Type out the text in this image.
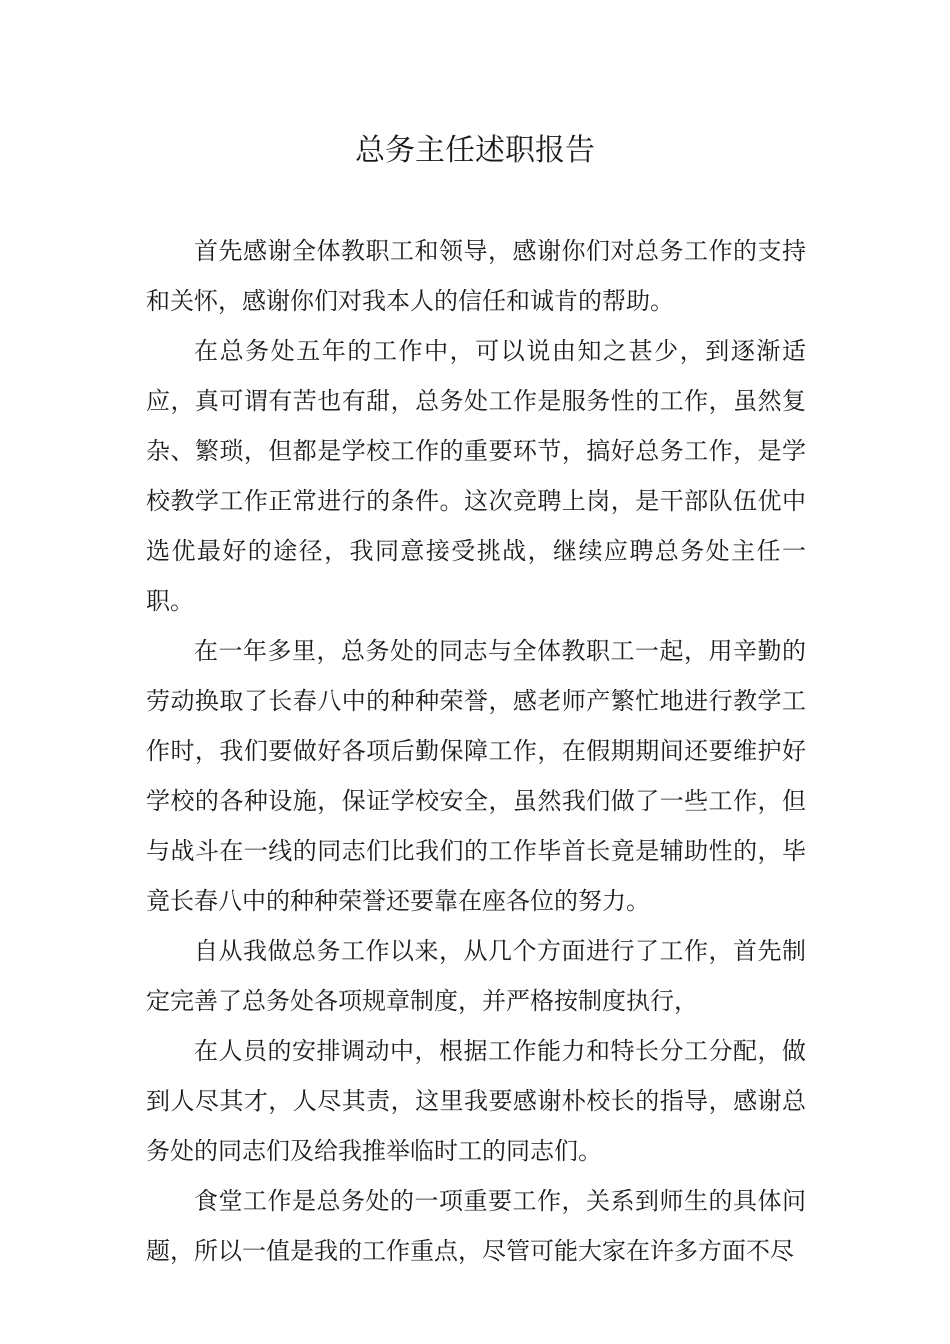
总务主任述职报告

首先感谢全体教职工和领导，感谢你们对总务工作的支持和关怀，感谢你们对我本人的信任和诚肯的帮助。

在总务处五年的工作中，可以说由知之甚少，到逐渐适应，真可谓有苦也有甜，总务处工作是服务性的工作，虽然复杂、繁琐，但都是学校工作的重要环节，搞好总务工作，是学校教学工作正常进行的条件。这次竞聘上岗，是干部队伍优中选优最好的途径，我同意接受挑战，继续应聘总务处主任一职。

在一年多里，总务处的同志与全体教职工一起，用辛勤的劳动换取了长春八中的种种荣誉，感老师产繁忙地进行教学工作时，我们要做好各项后勤保障工作，在假期期间还要维护好学校的各种设施，保证学校安全，虽然我们做了一些工作，但与战斗在一线的同志们比我们的工作毕首长竟是辅助性的，毕竟长春八中的种种荣誉还要靠在座各位的努力。

自从我做总务工作以来，从几个方面进行了工作，首先制定完善了总务处各项规章制度，并严格按制度执行，

在人员的安排调动中，根据工作能力和特长分工分配，做到人尽其才，人尽其责，这里我要感谢朴校长的指导，感谢总务处的同志们及给我推举临时工的同志们。

食堂工作是总务处的一项重要工作，关系到师生的具体问题，所以一值是我的工作重点，尽管可能大家在许多方面不尽
